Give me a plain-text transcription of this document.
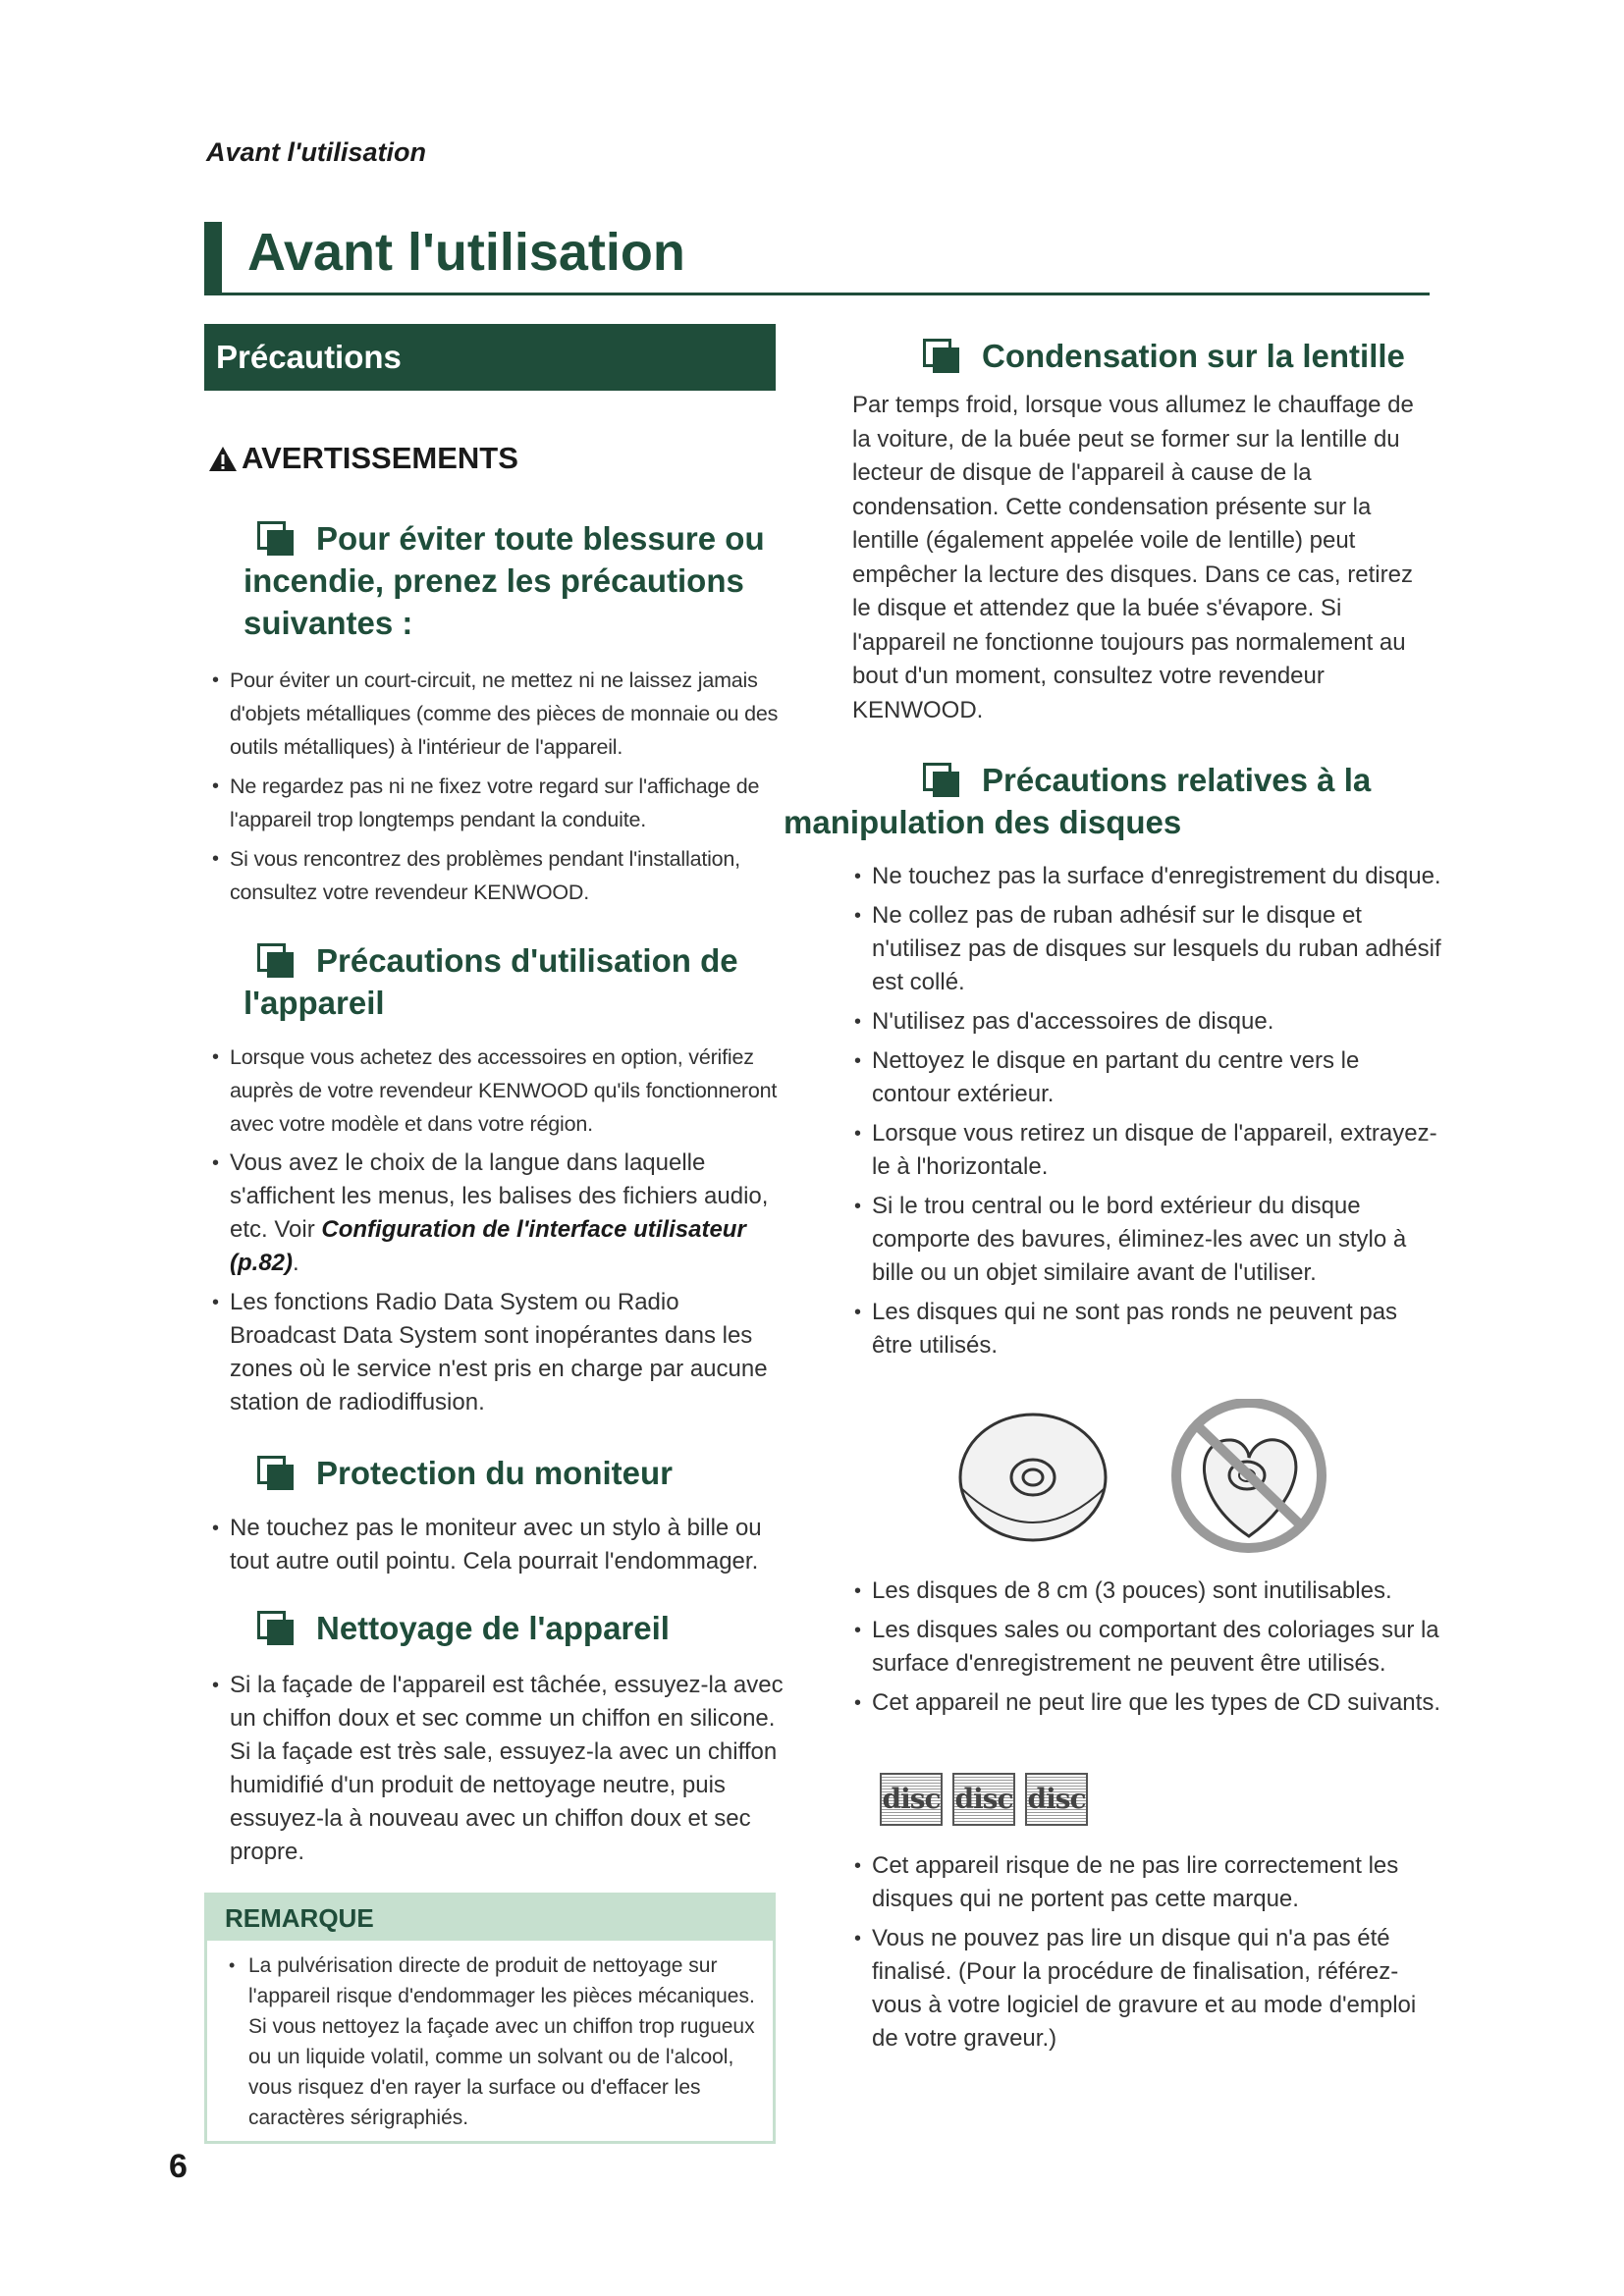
Avant l'utilisation
Avant l'utilisation
Précautions
AVERTISSEMENTS
Pour éviter toute blessure ou
incendie, prenez les précautions
suivantes :
• Pour éviter un court-circuit, ne mettez ni ne laissez jamais d'objets métalliques (comme des pièces de monnaie ou des outils métalliques) à l'intérieur de l'appareil.
• Ne regardez pas ni ne fixez votre regard sur l'affichage de l'appareil trop longtemps pendant la conduite.
• Si vous rencontrez des problèmes pendant l'installation, consultez votre revendeur KENWOOD.
Précautions d'utilisation de
l'appareil
• Lorsque vous achetez des accessoires en option, vérifiez auprès de votre revendeur KENWOOD qu'ils fonctionneront avec votre modèle et dans votre région.
• Vous avez le choix de la langue dans laquelle s'affichent les menus, les balises des fichiers audio, etc. Voir Configuration de l'interface utilisateur (p.82).
• Les fonctions Radio Data System ou Radio Broadcast Data System sont inopérantes dans les zones où le service n'est pris en charge par aucune station de radiodiffusion.
Protection du moniteur
• Ne touchez pas le moniteur avec un stylo à bille ou tout autre outil pointu. Cela pourrait l'endommager.
Nettoyage de l'appareil
• Si la façade de l'appareil est tâchée, essuyez-la avec un chiffon doux et sec comme un chiffon en silicone. Si la façade est très sale, essuyez-la avec un chiffon humidifié d'un produit de nettoyage neutre, puis essuyez-la à nouveau avec un chiffon doux et sec propre.
REMARQUE
• La pulvérisation directe de produit de nettoyage sur l'appareil risque d'endommager les pièces mécaniques. Si vous nettoyez la façade avec un chiffon trop rugueux ou un liquide volatil, comme un solvant ou de l'alcool, vous risquez d'en rayer la surface ou d'effacer les caractères sérigraphiés.
Condensation sur la lentille

Par temps froid, lorsque vous allumez le chauffage de la voiture, de la buée peut se former sur la lentille du lecteur de disque de l'appareil à cause de la condensation. Cette condensation présente sur la lentille (également appelée voile de lentille) peut empêcher la lecture des disques. Dans ce cas, retirez le disque et attendez que la buée s'évapore. Si l'appareil ne fonctionne toujours pas normalement au bout d'un moment, consultez votre revendeur KENWOOD.

Précautions relatives à la
manipulation des disques
• Ne touchez pas la surface d'enregistrement du disque.
• Ne collez pas de ruban adhésif sur le disque et n'utilisez pas de disques sur lesquels du ruban adhésif est collé.
• N'utilisez pas d'accessoires de disque.
• Nettoyez le disque en partant du centre vers le contour extérieur.
• Lorsque vous retirez un disque de l'appareil, extrayez-le à l'horizontale.
• Si le trou central ou le bord extérieur du disque comporte des bavures, éliminez-les avec un stylo à bille ou un objet similaire avant de l'utiliser.
• Les disques qui ne sont pas ronds ne peuvent pas être utilisés.
• Les disques de 8 cm (3 pouces) sont inutilisables.
• Les disques sales ou comportant des coloriages sur la surface d'enregistrement ne peuvent être utilisés.
• Cet appareil ne peut lire que les types de CD suivants.
disc disc disc
• Cet appareil risque de ne pas lire correctement les disques qui ne portent pas cette marque.
• Vous ne pouvez pas lire un disque qui n'a pas été finalisé. (Pour la procédure de finalisation, référez-vous à votre logiciel de gravure et au mode d'emploi de votre graveur.)
6
